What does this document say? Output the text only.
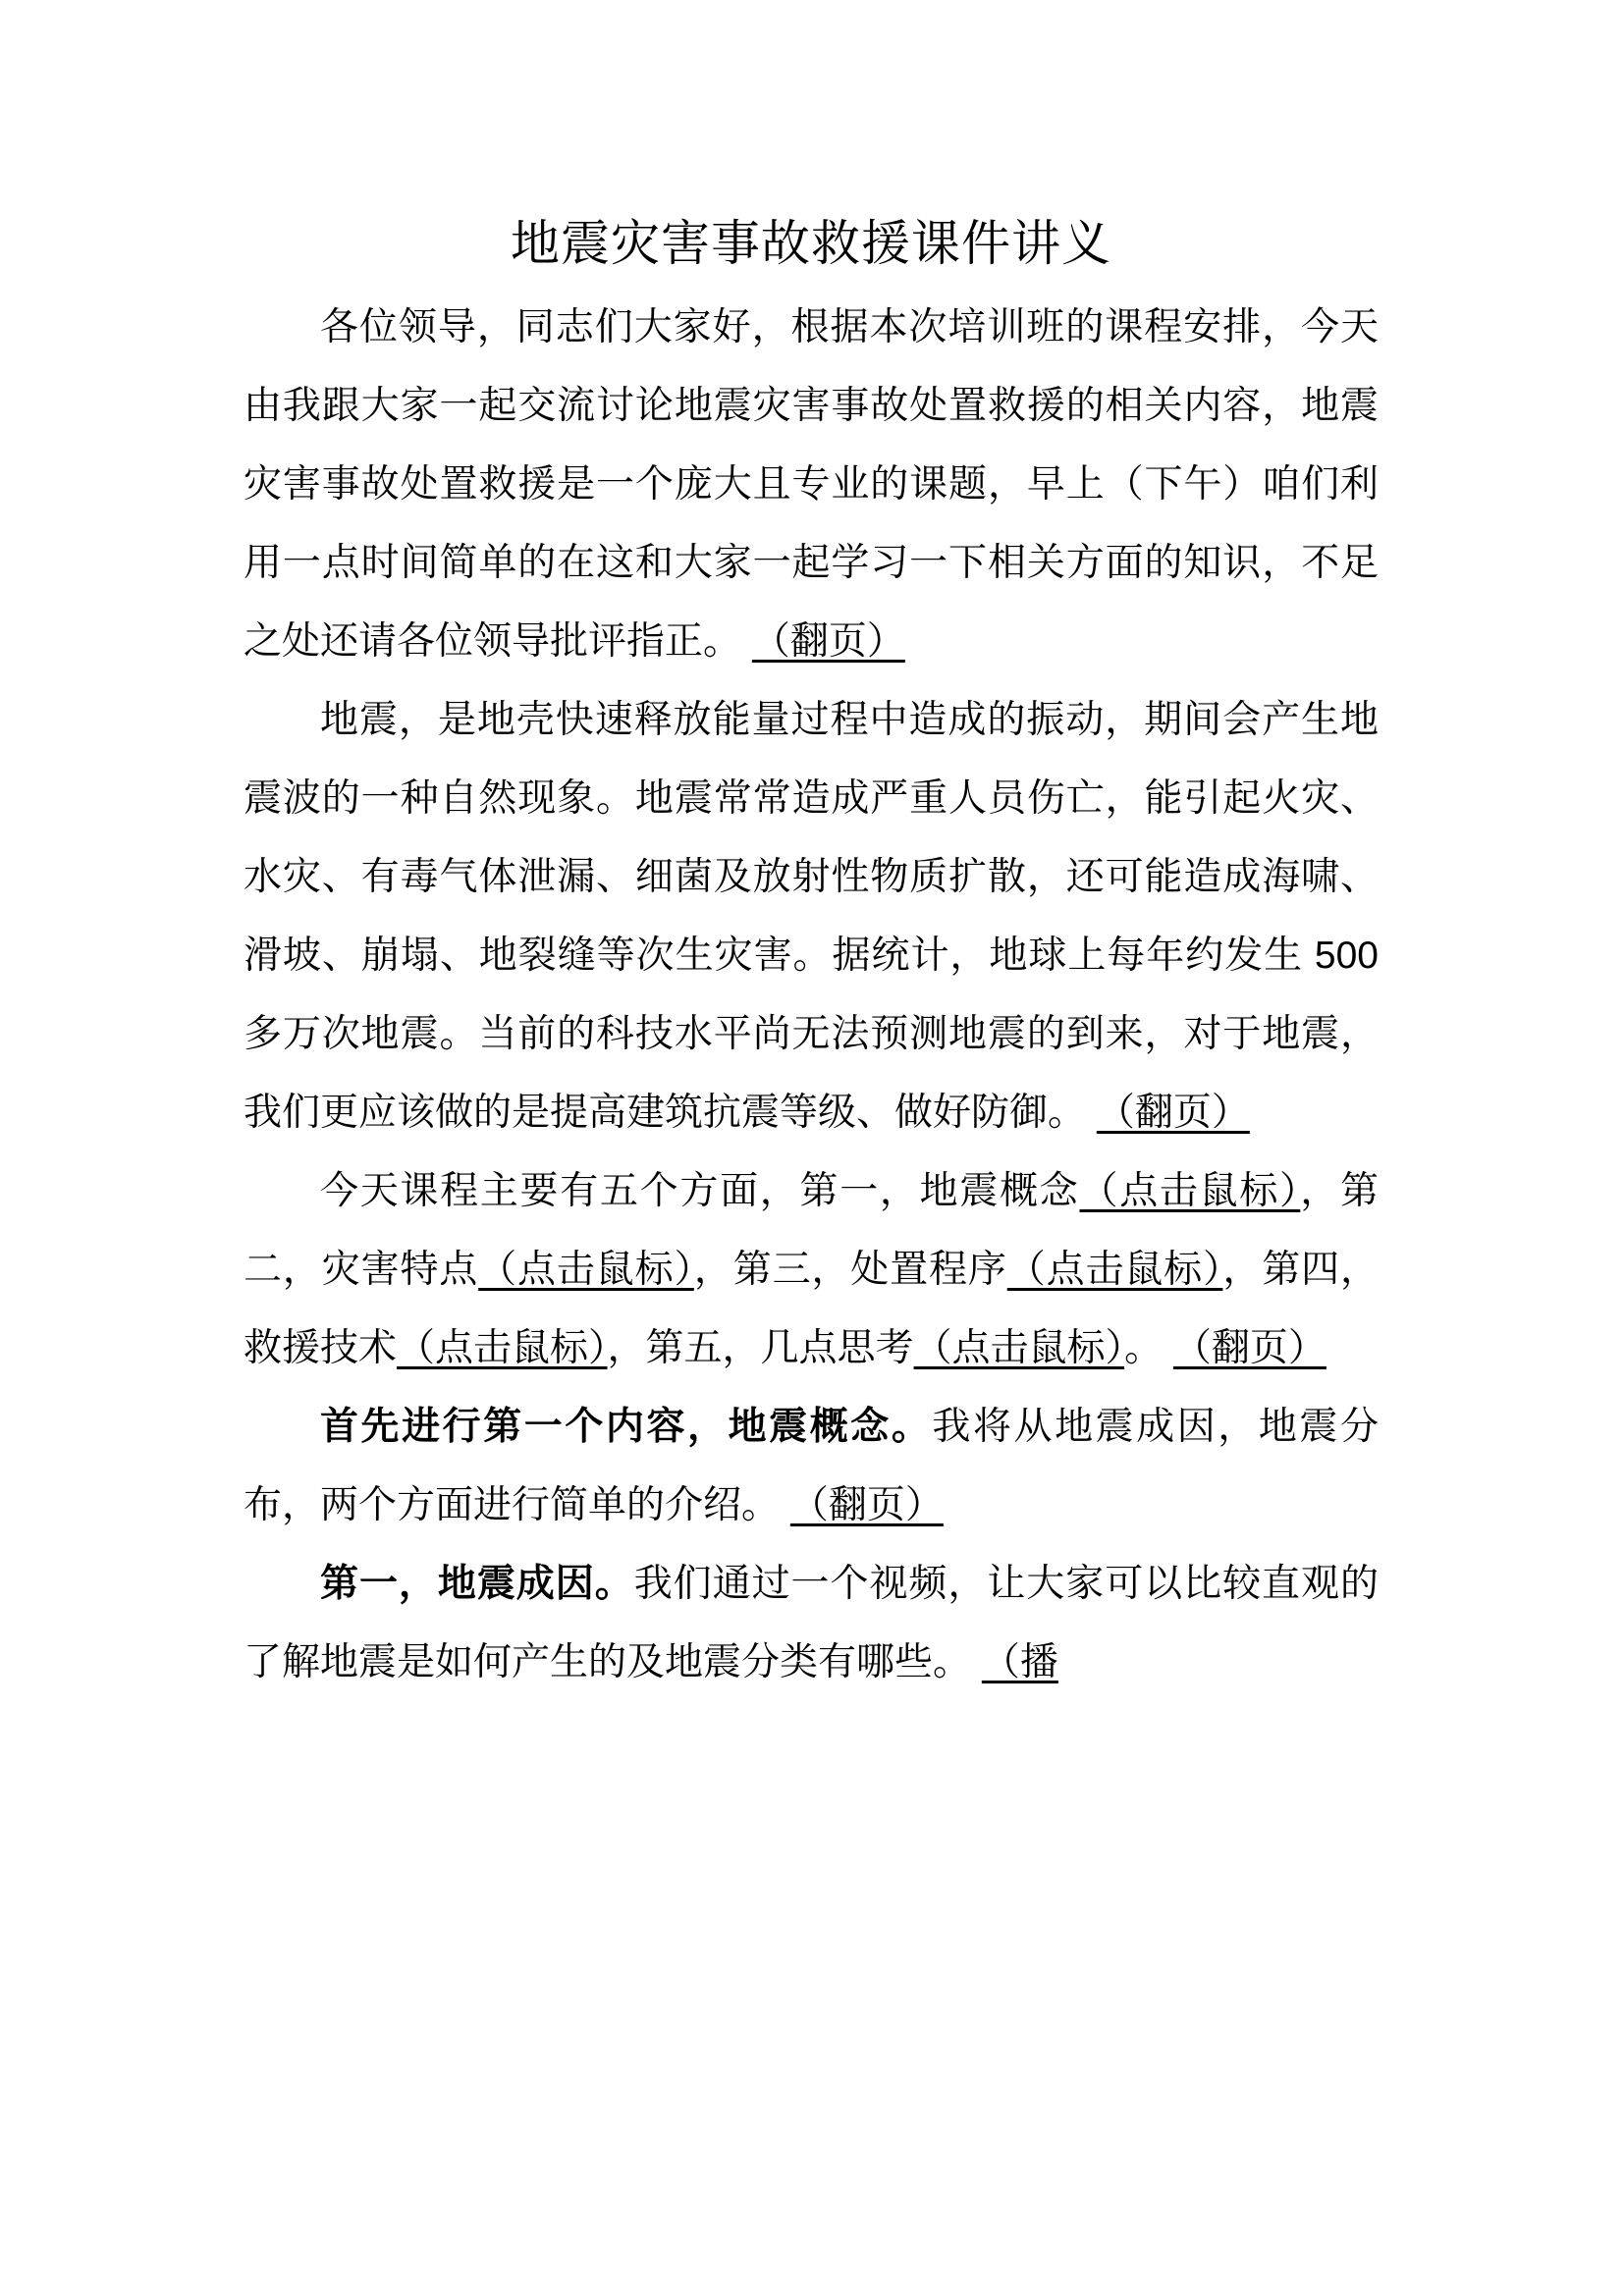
地震灾害事故救援课件讲义

各位领导，同志们大家好，根据本次培训班的课程安排，今天由我跟大家一起交流讨论地震灾害事故处置救援的相关内容，地震灾害事故处置救援是一个庞大且专业的课题，早上（下午）咱们利用一点时间简单的在这和大家一起学习一下相关方面的知识，不足之处还请各位领导批评指正。 （翻页）

地震，是地壳快速释放能量过程中造成的振动，期间会产生地震波的一种自然现象。地震常常造成严重人员伤亡，能引起火灾、水灾、有毒气体泄漏、细菌及放射性物质扩散，还可能造成海啸、滑坡、崩塌、地裂缝等次生灾害。据统计，地球上每年约发生 500 多万次地震。当前的科技水平尚无法预测地震的到来，对于地震，我们更应该做的是提高建筑抗震等级、做好防御。 （翻页）

今天课程主要有五个方面，第一，地震概念（点击鼠标），第二，灾害特点（点击鼠标），第三，处置程序（点击鼠标），第四，救援技术（点击鼠标），第五，几点思考（点击鼠标）。 （翻页）

首先进行第一个内容，地震概念。我将从地震成因，地震分布，两个方面进行简单的介绍。 （翻页）

第一，地震成因。我们通过一个视频，让大家可以比较直观的了解地震是如何产生的及地震分类有哪些。 （播
